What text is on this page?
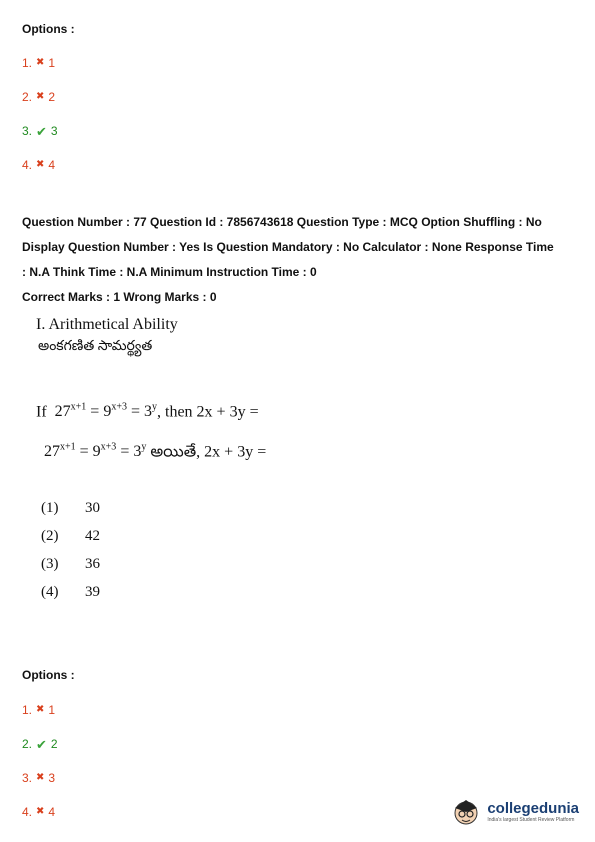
Options :
1. ✖ 1
2. ✖ 2
3. ✔ 3
4. ✖ 4
Question Number : 77 Question Id : 7856743618 Question Type : MCQ Option Shuffling : No
Display Question Number : Yes Is Question Mandatory : No Calculator : None Response Time
: N.A Think Time : N.A Minimum Instruction Time : 0
Correct Marks : 1 Wrong Marks : 0
I. Arithmetical Ability
అంకగణిత సామర్థ్యత
If $27^{x+1} = 9^{x+3} = 3^y$, then 2x + 3y =
$27^{x+1} = 9^{x+3} = 3^y$ అయితే, 2x + 3y =
(1)	30
(2)	42
(3)	36
(4)	39
Options :
1. ✖ 1
2. ✔ 2
3. ✖ 3
4. ✖ 4	collegedunia
India's largest Student Review Platform
